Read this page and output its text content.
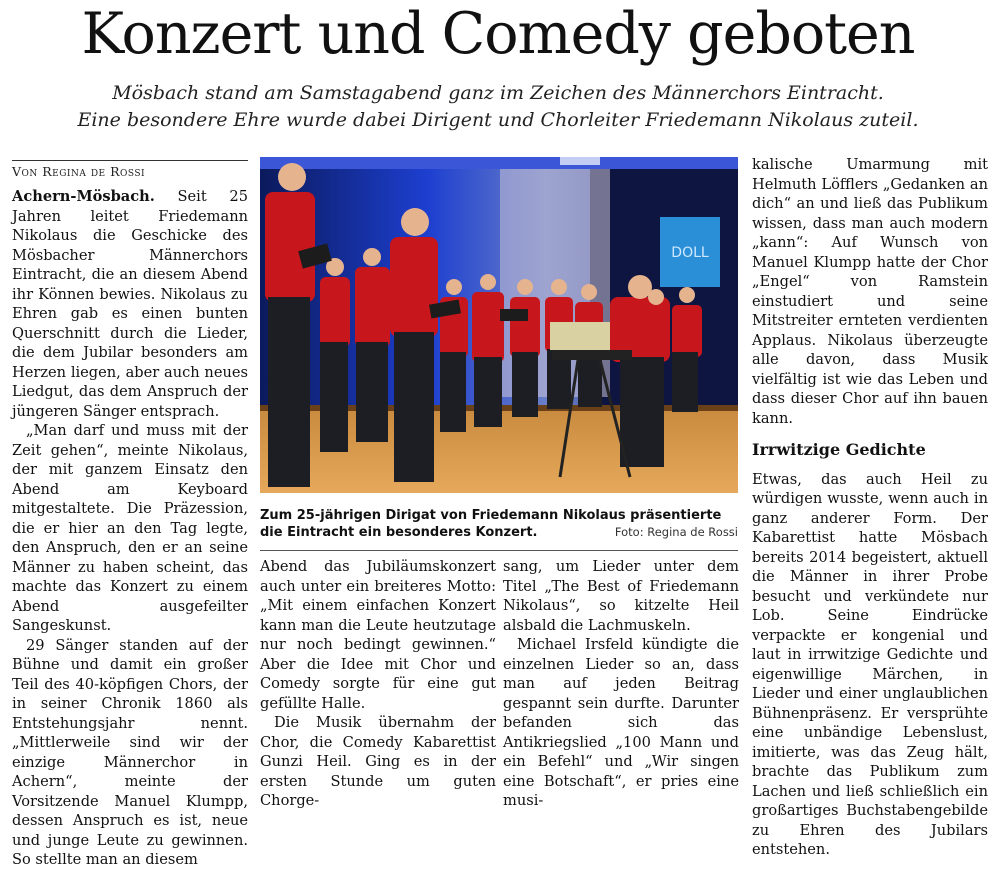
Konzert und Comedy geboten
Mösbach stand am Samstagabend ganz im Zeichen des Männerchors Eintracht.
Eine besondere Ehre wurde dabei Dirigent und Chorleiter Friedemann Nikolaus zuteil.
Von Regina de Rossi

Achern-Mösbach. Seit 25 Jahren leitet Friedemann Nikolaus die Geschicke des Mösbacher Männerchors Eintracht, die an diesem Abend ihr Können bewies. Nikolaus zu Ehren gab es einen bunten Querschnitt durch die Lieder, die dem Jubilar besonders am Herzen liegen, aber auch neues Liedgut, das dem Anspruch der jüngeren Sänger entsprach.

„Man darf und muss mit der Zeit gehen“, meinte Nikolaus, der mit ganzem Einsatz den Abend am Keyboard mitgestaltete. Die Präzession, die er hier an den Tag legte, den Anspruch, den er an seine Männer zu haben scheint, das machte das Konzert zu einem Abend ausgefeilter Sangeskunst.

29 Sänger standen auf der Bühne und damit ein großer Teil des 40-köpfigen Chors, der in seiner Chronik 1860 als Entstehungsjahr nennt. „Mittlerweile sind wir der einzige Männerchor in Achern“, meinte der Vorsitzende Manuel Klumpp, dessen Anspruch es ist, neue und junge Leute zu gewinnen. So stellte man an diesem

DOLL
Zum 25-jährigen Dirigat von Friedemann Nikolaus präsentierte die Eintracht ein besonderes Konzert.	Foto: Regina de Rossi

Abend das Jubiläumskonzert auch unter ein breiteres Motto: „Mit einem einfachen Konzert kann man die Leute heutzutage nur noch bedingt gewinnen.“ Aber die Idee mit Chor und Comedy sorgte für eine gut gefüllte Halle.

Die Musik übernahm der Chor, die Comedy Kabarettist Gunzi Heil. Ging es in der ersten Stunde um guten Chorge-

sang, um Lieder unter dem Titel „The Best of Friedemann Nikolaus“, so kitzelte Heil alsbald die Lachmuskeln.

Michael Irsfeld kündigte die einzelnen Lieder so an, dass man auf jeden Beitrag gespannt sein durfte. Darunter befanden sich das Antikriegslied „100 Mann und ein Befehl“ und „Wir singen eine Botschaft“, er pries eine musi-

kalische Umarmung mit Helmuth Löfflers „Gedanken an dich“ an und ließ das Publikum wissen, dass man auch modern „kann“: Auf Wunsch von Manuel Klumpp hatte der Chor „Engel“ von Ramstein einstudiert und seine Mitstreiter ernteten verdienten Applaus. Nikolaus überzeugte alle davon, dass Musik vielfältig ist wie das Leben und dass dieser Chor auf ihn bauen kann.

Irrwitzige Gedichte

Etwas, das auch Heil zu würdigen wusste, wenn auch in ganz anderer Form. Der Kabarettist hatte Mösbach bereits 2014 begeistert, aktuell die Männer in ihrer Probe besucht und verkündete nur Lob. Seine Eindrücke verpackte er kongenial und laut in irrwitzige Gedichte und eigenwillige Märchen, in Lieder und einer unglaublichen Bühnenpräsenz. Er versprühte eine unbändige Lebenslust, imitierte, was das Zeug hält, brachte das Publikum zum Lachen und ließ schließlich ein großartiges Buchstabengebilde zu Ehren des Jubilars entstehen.
